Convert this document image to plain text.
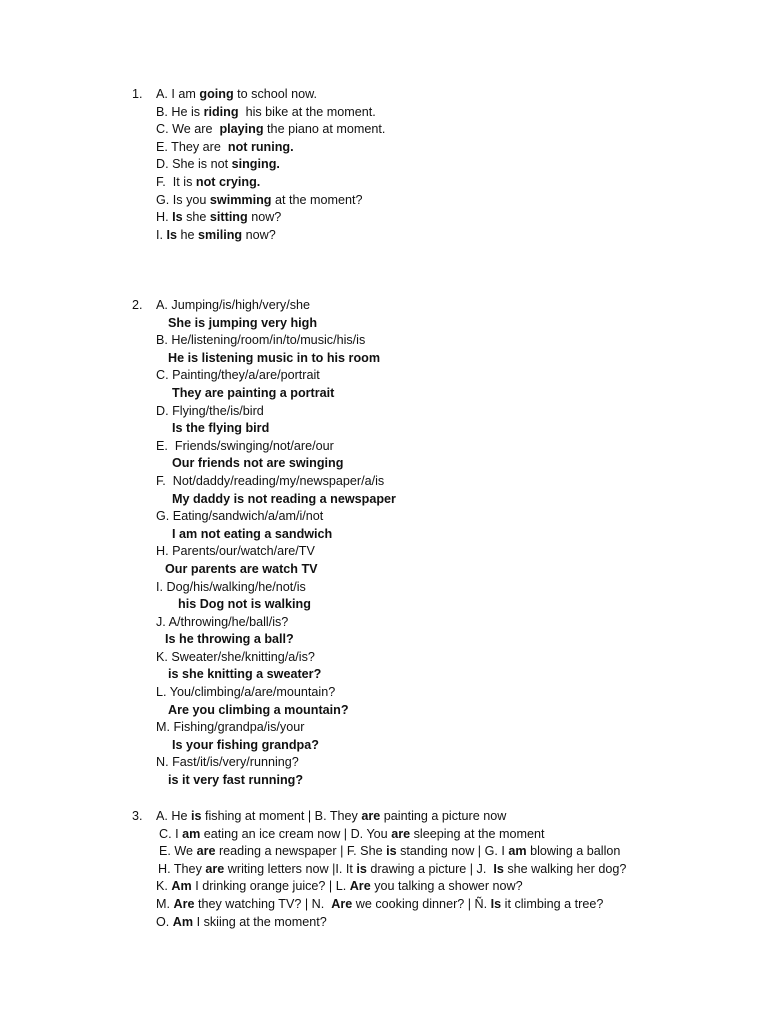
1. A. I am going to school now.
B. He is riding  his bike at the moment.
C. We are  playing the piano at moment.
E. They are  not runing.
D. She is not singing.
F.  It is not crying.
G. Is you swimming at the moment?
H. Is she sitting now?
I. Is he smiling now?
2. A. Jumping/is/high/very/she
She is jumping very high
B. He/listening/room/in/to/music/his/is
He is listening music in to his room
C. Painting/they/a/are/portrait
They are painting a portrait
D. Flying/the/is/bird
Is the flying bird
E.  Friends/swinging/not/are/our
Our friends not are swinging
F.  Not/daddy/reading/my/newspaper/a/is
My daddy is not reading a newspaper
G. Eating/sandwich/a/am/i/not
I am not eating a sandwich
H. Parents/our/watch/are/TV
Our parents are watch TV
I. Dog/his/walking/he/not/is
his Dog not is walking
J. A/throwing/he/ball/is?
Is he throwing a ball?
K. Sweater/she/knitting/a/is?
is she knitting a sweater?
L. You/climbing/a/are/mountain?
Are you climbing a mountain?
M. Fishing/grandpa/is/your
Is your fishing grandpa?
N. Fast/it/is/very/running?
is it very fast running?
3. A. He is fishing at moment | B. They are painting a picture now
C. I am eating an ice cream now | D. You are sleeping at the moment
E. We are reading a newspaper | F. She is standing now | G. I am blowing a ballon
H. They are writing letters now |I. It is drawing a picture | J.  Is she walking her dog?
K. Am I drinking orange juice? | L. Are you talking a shower now?
M. Are they watching TV? | N.  Are we cooking dinner? | Ñ. Is it climbing a tree?
O. Am I skiing at the moment?
